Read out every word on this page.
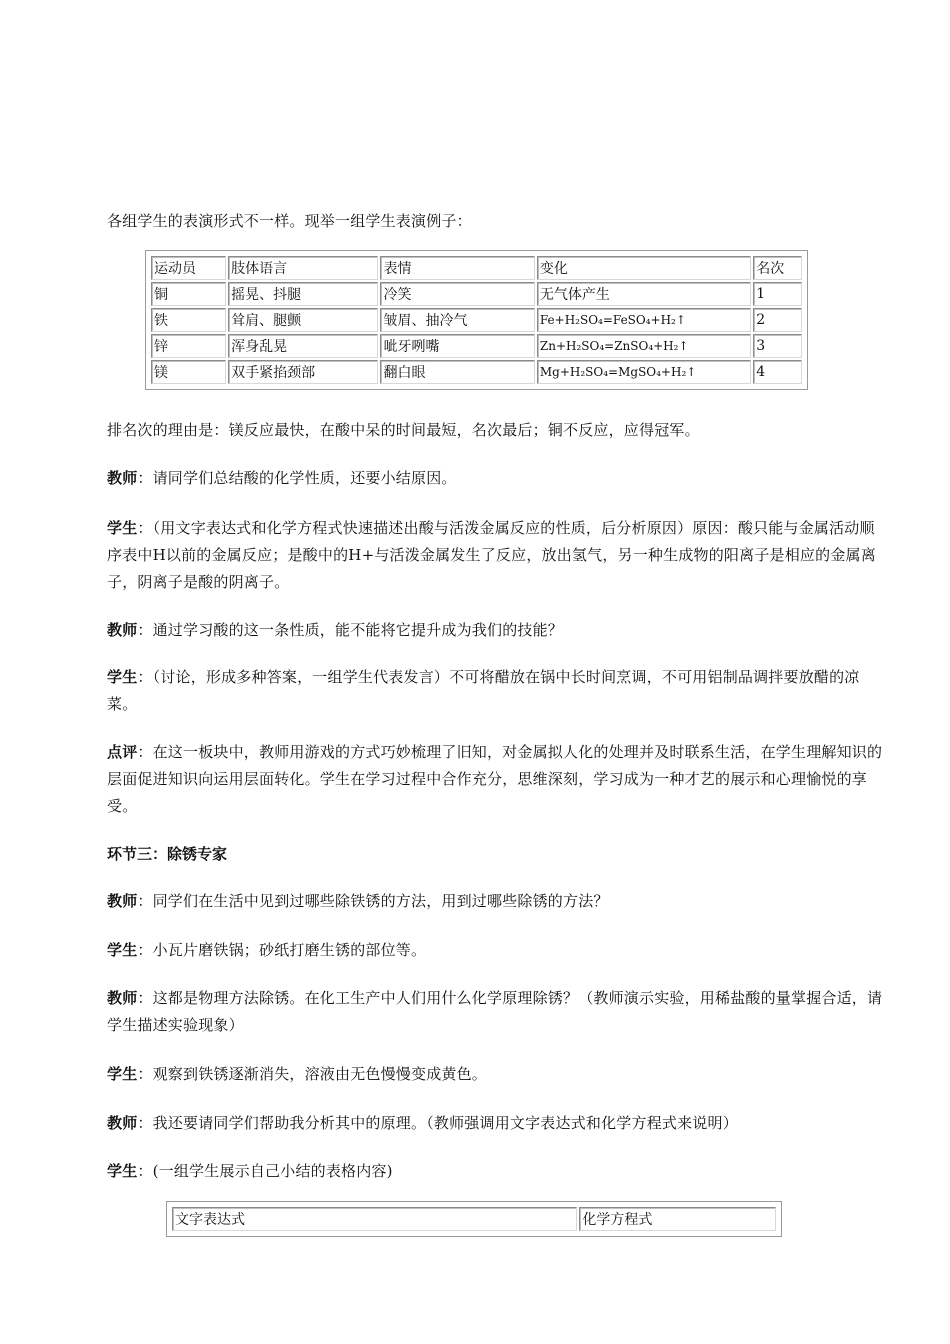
各组学生的表演形式不一样。现举一组学生表演例子：
运动员	肢体语言	表情	变化	名次
铜	摇晃、抖腿	冷笑	无气体产生	1
铁	耸肩、腿颤	皱眉、抽冷气	Fe+H₂SO₄=FeSO₄+H₂↑	2
锌	浑身乱晃	呲牙咧嘴	Zn+H₂SO₄=ZnSO₄+H₂↑	3
镁	双手紧掐颈部	翻白眼	Mg+H₂SO₄=MgSO₄+H₂↑	4
排名次的理由是：镁反应最快，在酸中呆的时间最短，名次最后；铜不反应，应得冠军。
教师：请同学们总结酸的化学性质，还要小结原因。
学生：（用文字表达式和化学方程式快速描述出酸与活泼金属反应的性质，后分析原因）原因：酸只能与金属活动顺序表中H以前的金属反应；是酸中的H+与活泼金属发生了反应，放出氢气，另一种生成物的阳离子是相应的金属离子，阴离子是酸的阴离子。
教师：通过学习酸的这一条性质，能不能将它提升成为我们的技能？
学生：（讨论，形成多种答案，一组学生代表发言）不可将醋放在锅中长时间烹调，不可用铝制品调拌要放醋的凉菜。
点评：在这一板块中，教师用游戏的方式巧妙梳理了旧知，对金属拟人化的处理并及时联系生活，在学生理解知识的层面促进知识向运用层面转化。学生在学习过程中合作充分，思维深刻，学习成为一种才艺的展示和心理愉悦的享受。
环节三：除锈专家
教师：同学们在生活中见到过哪些除铁锈的方法，用到过哪些除锈的方法？
学生：小瓦片磨铁锅；砂纸打磨生锈的部位等。
教师：这都是物理方法除锈。在化工生产中人们用什么化学原理除锈？（教师演示实验，用稀盐酸的量掌握合适，请学生描述实验现象）
学生：观察到铁锈逐渐消失，溶液由无色慢慢变成黄色。
教师：我还要请同学们帮助我分析其中的原理。（教师强调用文字表达式和化学方程式来说明）
学生：(一组学生展示自己小结的表格内容)
文字表达式	化学方程式
